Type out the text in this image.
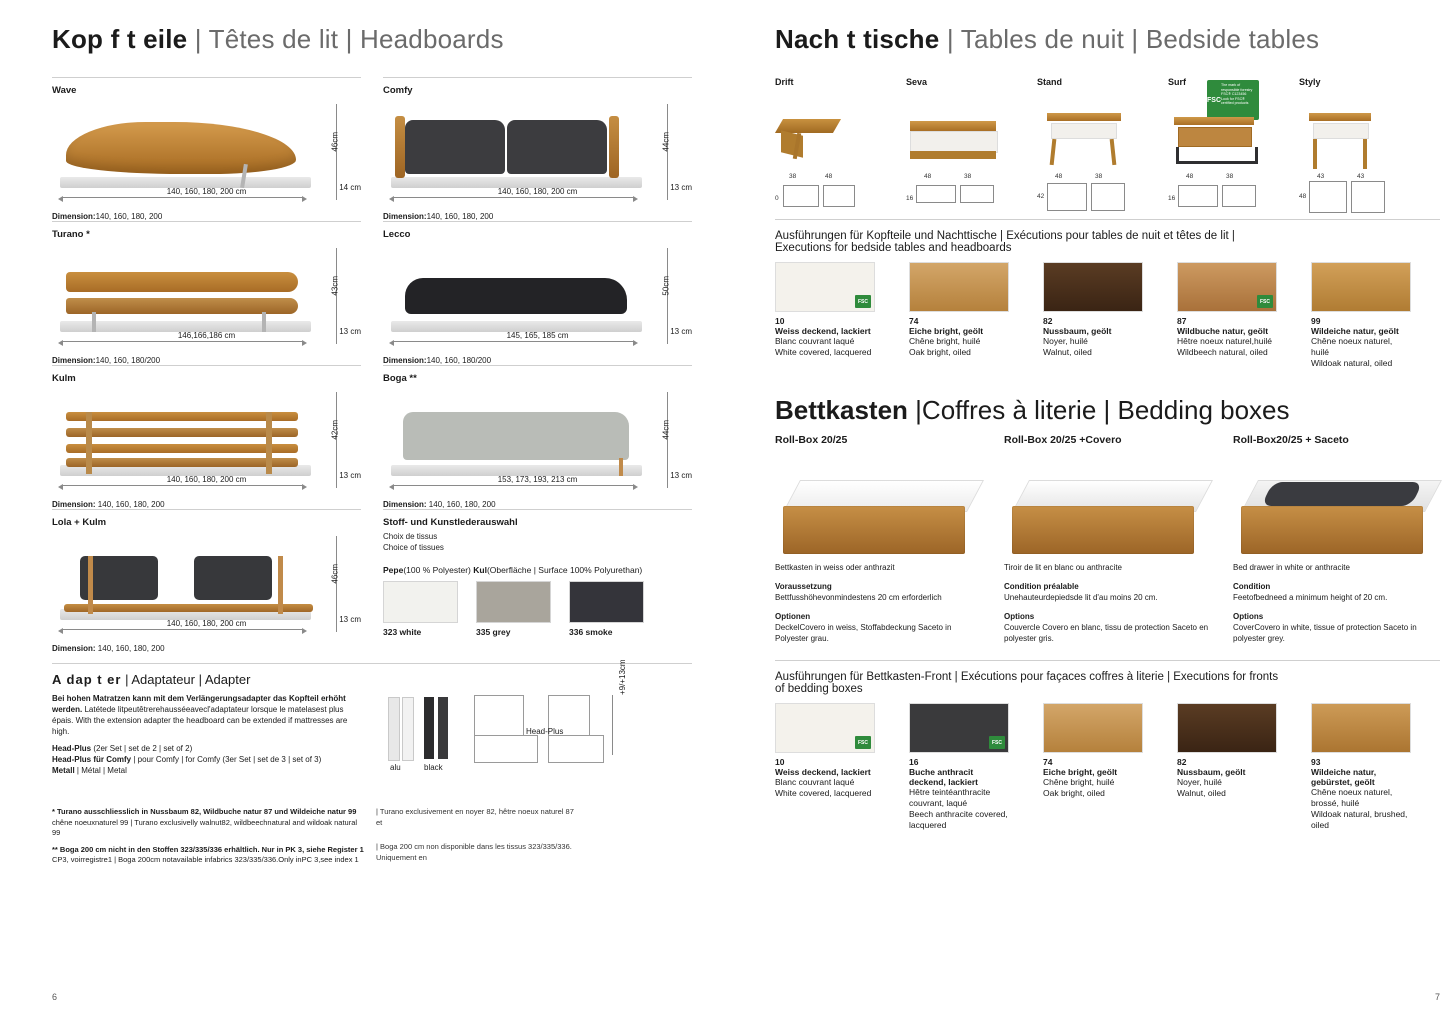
Kop f t eile | Têtes de lit | Headboards
Wave
46cm
14 cm
140, 160, 180, 200 cm
Dimension:140, 160, 180, 200
Comfy
44cm
13 cm
140, 160, 180, 200 cm
Dimension:140, 160, 180, 200
Turano *
43cm
13 cm
146,166,186 cm
Dimension:140, 160, 180/200
Lecco
50cm
13 cm
145, 165, 185 cm
Dimension:140, 160, 180/200
Kulm
42cm
13 cm
140, 160, 180, 200 cm
Dimension: 140, 160, 180, 200
Boga **
44cm
13 cm
153, 173, 193, 213 cm
Dimension: 140, 160, 180, 200
Lola + Kulm
46cm
13 cm
140, 160, 180, 200 cm
Dimension: 140, 160, 180, 200
Stoff- und Kunstlederauswahl
Choix de tissus
Choice of tissues
Pepe(100 % Polyester) Kul(Oberfläche | Surface 100% Polyurethan)
323 white	335 grey	336 smoke
A dap t er | Adaptateur | Adapter

Bei hohen Matratzen kann mit dem Verlängerungsadapter das Kopfteil erhöht werden. Latétede litpeutêtrerehausséeavecl'adaptateur lorsque le matelasest plus épais. With the extension adapter the headboard can be extended if mattresses are high.

Head-Plus (2er Set | set de 2 | set of 2)

Head-Plus für Comfy | pour Comfy | for Comfy (3er Set | set de 3 | set of 3)

Metall | Métal | Metal	alu	black
Head-Plus
+9/+13cm
* Turano ausschliesslich in Nussbaum 82, Wildbuche natur 87 und Wildeiche natur 99
chêne noeuxnaturel 99 | Turano exclusivelly walnut82, wildbeechnatural and wildoak natural 99
** Boga 200 cm nicht in den Stoffen 323/335/336 erhältlich. Nur in PK 3, siehe Register 1
CP3, voirregistre1 | Boga 200cm notavailable infabrics 323/335/336.Only inPC 3,see index 1
| Turano exclusivement en noyer 82, hêtre noeux naturel 87 et
| Boga 200 cm non disponible dans les tissus 323/335/336. Uniquement en
6
Nach t tische | Tables de nuit | Bedside tables
FSC
The mark of
responsible forestry
FSC® C123456
Look for FSC® certified products
Drift
38	48
0
Seva
48	38
16
Stand
48	38
42
Surf
48	38
16
Styly
43	43
48
Ausführungen für Kopfteile und Nachttische | Exécutions pour tables de nuit et têtes de lit |
Executions for bedside tables and headboards
FSC
10
Weiss deckend, lackiert
Blanc couvrant laqué
White covered, lacquered
74
Eiche bright, geölt
Chêne bright, huilé
Oak bright, oiled
82
Nussbaum, geölt
Noyer, huilé
Walnut, oiled
FSC
87
Wildbuche natur, geölt
Hêtre noeux naturel,huilé
Wildbeech natural, oiled
99
Wildeiche natur, geölt
Chêne noeux naturel, huilé
Wildoak natural, oiled
Bettkasten |Coffres à literie | Bedding boxes
Roll-Box 20/25
Bettkasten in weiss oder anthrazit
Voraussetzung
Bettfusshöhevonmindestens 20 cm erforderlich
Optionen
DeckelCovero in weiss, Stoffabdeckung Saceto in Polyester grau.
Roll-Box 20/25 +Covero
Tiroir de lit en blanc ou anthracite
Condition préalable
Unehauteurdepiedsde lit d'au moins 20 cm.
Options
Couvercle Covero en blanc, tissu de protection Saceto en polyester gris.
Roll-Box20/25 + Saceto
Bed drawer in white or anthracite
Condition
Feetofbedneed a minimum height of 20 cm.
Options
CoverCovero in white, tissue of protection Saceto in polyester grey.
Ausführungen für Bettkasten-Front | Exécutions pour façaces coffres à literie | Executions for fronts
of bedding boxes
FSC
10
Weiss deckend, lackiert
Blanc couvrant laqué
White covered, lacquered
FSC
16
Buche anthracit deckend, lackiert
Hêtre teintéanthracite couvrant, laqué
Beech anthracite covered, lacquered
74
Eiche bright, geölt
Chêne bright, huilé
Oak bright, oiled
82
Nussbaum, geölt
Noyer, huilé
Walnut, oiled
93
Wildeiche natur, gebürstet, geölt
Chêne noeux naturel, brossé, huilé
Wildoak natural, brushed, oiled
7
